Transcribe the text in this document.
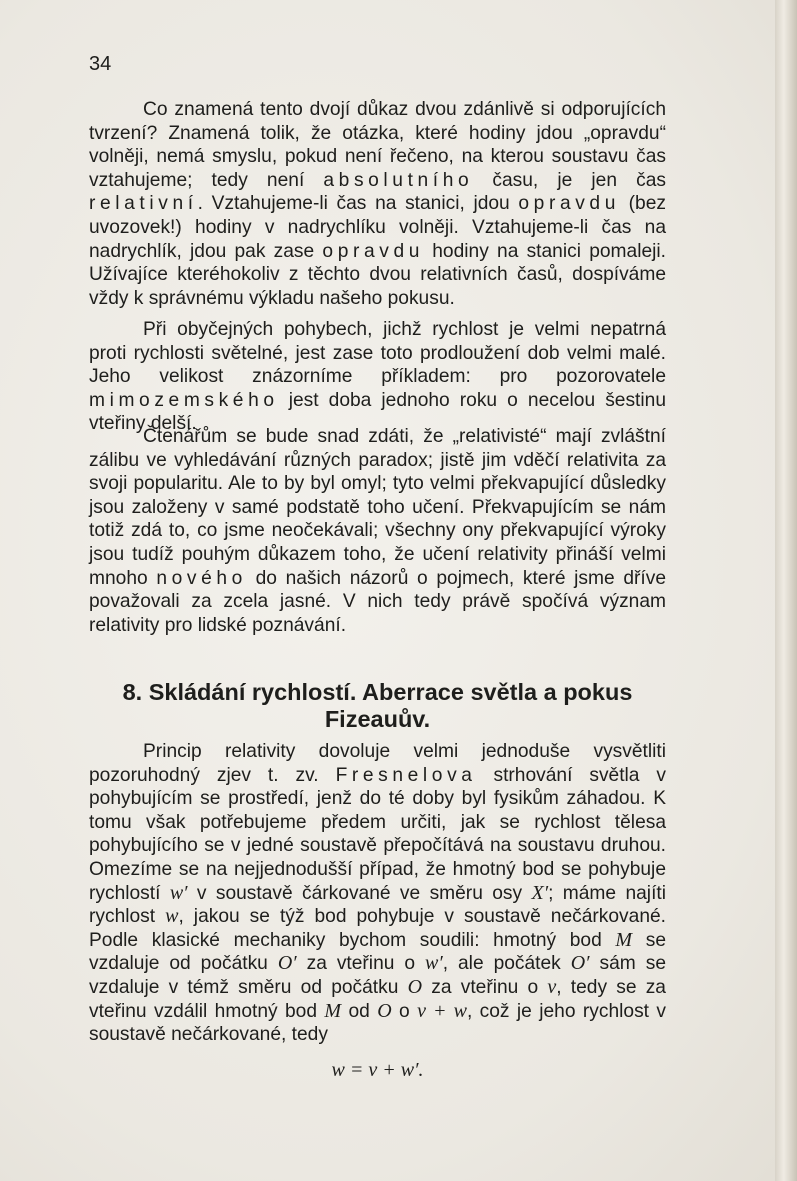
34

Co znamená tento dvojí důkaz dvou zdánlivě si odporujících tvrzení? Znamená tolik, že otázka, které hodiny jdou „opravdu“ volněji, nemá smyslu, pokud není řečeno, na kterou soustavu čas vztahujeme; tedy není absolutního času, je jen čas relativní. Vztahujeme-li čas na stanici, jdou opravdu (bez uvozovek!) hodiny v nadrychlíku volněji. Vztahujeme-li čas na nadrychlík, jdou pak zase opravdu hodiny na stanici pomaleji. Užívajíce kteréhokoliv z těchto dvou relativních časů, dospíváme vždy k správnému výkladu našeho pokusu.

Při obyčejných pohybech, jichž rychlost je velmi nepatrná proti rychlosti světelné, jest zase toto prodloužení dob velmi malé. Jeho velikost znázorníme příkladem: pro pozorovatele mimozemského jest doba jednoho roku o necelou šestinu vteřiny delší.

Čtenářům se bude snad zdáti, že „relativisté“ mají zvláštní zálibu ve vyhledávání různých paradox; jistě jim vděčí relativita za svoji popularitu. Ale to by byl omyl; tyto velmi překvapující důsledky jsou založeny v samé podstatě toho učení. Překvapujícím se nám totiž zdá to, co jsme neočekávali; všechny ony překvapující výroky jsou tudíž pouhým důkazem toho, že učení relativity přináší velmi mnoho nového do našich názorů o pojmech, které jsme dříve považovali za zcela jasné. V nich tedy právě spočívá význam relativity pro lidské poznávání.

8. Skládání rychlostí. Aberrace světla a pokus Fizeauův.

Princip relativity dovoluje velmi jednoduše vysvětliti pozoruhodný zjev t. zv. Fresnelova strhování světla v pohybujícím se prostředí, jenž do té doby byl fysikům záhadou. K tomu však potřebujeme předem určiti, jak se rychlost tělesa pohybujícího se v jedné soustavě přepočítává na soustavu druhou. Omezíme se na nejjednodušší případ, že hmotný bod se pohybuje rychlostí w′ v soustavě čárkované ve směru osy X′; máme najíti rychlost w, jakou se týž bod pohybuje v soustavě nečárkované. Podle klasické mechaniky bychom soudili: hmotný bod M se vzdaluje od počátku O′ za vteřinu o w′, ale počátek O′ sám se vzdaluje v témž směru od počátku O za vteřinu o v, tedy se za vteřinu vzdálil hmotný bod M od O o v + w, což je jeho rychlost v soustavě nečárkované, tedy

w = v + w′.
